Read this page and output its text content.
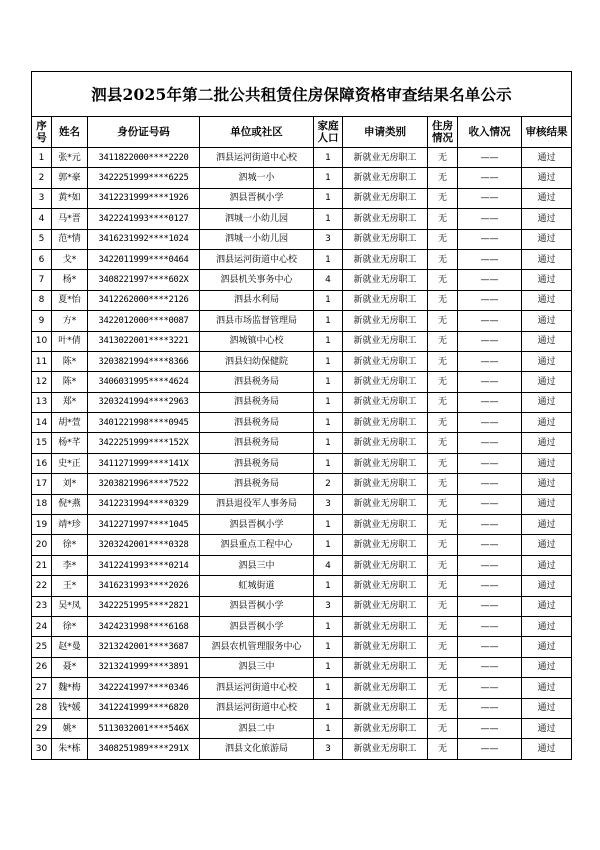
泗县2025年第二批公共租赁住房保障资格审查结果名单公示								
序号	姓名	身份证号码	单位或社区	家庭人口	申请类别	住房情况	收入情况	审核结果
1	张*元	3411822000****2220	泗县运河街道中心校	1	新就业无房职工	无	——	通过
2	郭*豪	3422251999****6225	泗城一小	1	新就业无房职工	无	——	通过
3	黄*如	3412231999****1926	泗县晋枫小学	1	新就业无房职工	无	——	通过
4	马*晋	3422241993****0127	泗城一小幼儿园	1	新就业无房职工	无	——	通过
5	范*情	3416231992****1024	泗城一小幼儿园	3	新就业无房职工	无	——	通过
6	戈*	3422011999****0464	泗县运河街道中心校	1	新就业无房职工	无	——	通过
7	杨*	3408221997****602X	泗县机关事务中心	4	新就业无房职工	无	——	通过
8	夏*怡	3412262000****2126	泗县水利局	1	新就业无房职工	无	——	通过
9	方*	3422012000****0087	泗县市场监督管理局	1	新就业无房职工	无	——	通过
10	叶*倩	3413022001****3221	泗城镇中心校	1	新就业无房职工	无	——	通过
11	陈*	3203821994****8366	泗县妇幼保健院	1	新就业无房职工	无	——	通过
12	陈*	3406031995****4624	泗县税务局	1	新就业无房职工	无	——	通过
13	郑*	3203241994****2963	泗县税务局	1	新就业无房职工	无	——	通过
14	胡*萱	3401221998****0945	泗县税务局	1	新就业无房职工	无	——	通过
15	杨*芊	3422251999****152X	泗县税务局	1	新就业无房职工	无	——	通过
16	史*正	3411271999****141X	泗县税务局	1	新就业无房职工	无	——	通过
17	刘*	3203821996****7522	泗县税务局	2	新就业无房职工	无	——	通过
18	倪*燕	3412231994****0329	泗县退役军人事务局	3	新就业无房职工	无	——	通过
19	靖*珍	3412271997****1045	泗县晋枫小学	1	新就业无房职工	无	——	通过
20	徐*	3203242001****0328	泗县重点工程中心	1	新就业无房职工	无	——	通过
21	李*	3412241993****0214	泗县三中	4	新就业无房职工	无	——	通过
22	王*	3416231993****2026	虹城街道	1	新就业无房职工	无	——	通过
23	吴*凤	3422251995****2821	泗县晋枫小学	3	新就业无房职工	无	——	通过
24	徐*	3424231998****6168	泗县晋枫小学	1	新就业无房职工	无	——	通过
25	赵*曼	3213242001****3687	泗县农机管理服务中心	1	新就业无房职工	无	——	通过
26	聂*	3213241999****3891	泗县三中	1	新就业无房职工	无	——	通过
27	魏*梅	3422241997****0346	泗县运河街道中心校	1	新就业无房职工	无	——	通过
28	钱*媛	3412241999****6820	泗县运河街道中心校	1	新就业无房职工	无	——	通过
29	姚*	5113032001****546X	泗县二中	1	新就业无房职工	无	——	通过
30	朱*栋	3408251989****291X	泗县文化旅游局	3	新就业无房职工	无	——	通过
